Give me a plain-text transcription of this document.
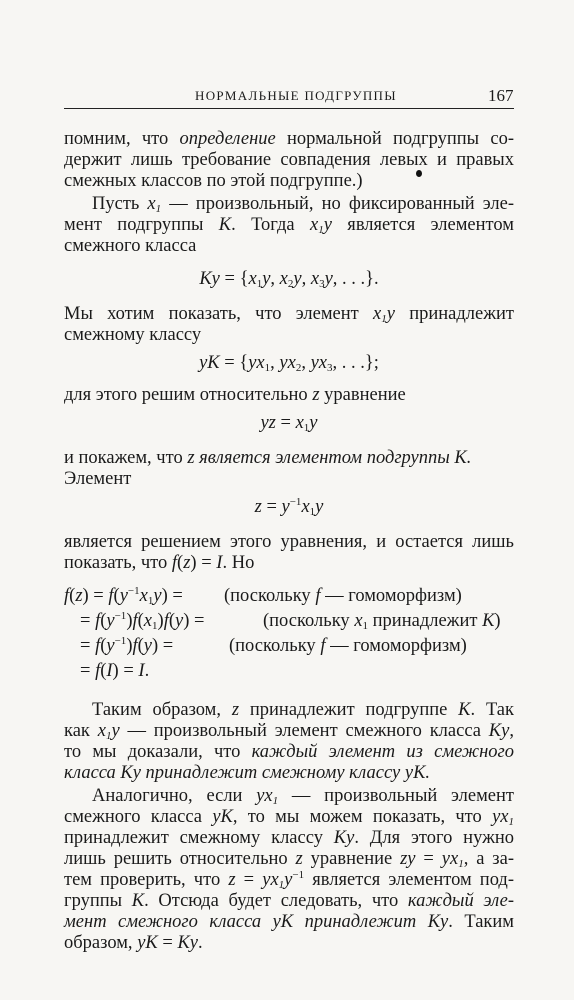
НОРМАЛЬНЫЕ ПОДГРУППЫ	167
помним, что определение нормальной подгруппы со-
держит лишь требование совпадения левых и правых
смежных классов по этой подгруппе.)
Пусть $x_1$ — произвольный, но фиксированный эле-
мент подгруппы K. Тогда $x_1y$ является элементом
смежного класса
$Ky = \{x_1y$, $x_2y$, $x_3y$, . . .}.
Мы хотим показать, что элемент $x_1y$ принадлежит
смежному классу
yK = {$yx_1$, $yx_2$, $yx_3$, . . .};
для этого решим относительно z уравнение
yz = $x_1y$
и покажем, что z является элементом подгруппы K.
Элемент
$z = y^{-1}x_1y$
является решением этого уравнения, и остается лишь
показать, что f(z) = I. Но
$f(z) = f(y^{-1}x_1y)$ = (поскольку f — гомоморфизм)
= $f(y^{-1})f(x_1)f(y)$ =	(поскольку $x_1$ принадлежит K)
= $f(y^{-1})f(y)$ =	(поскольку f — гомоморфизм)
= f(I) = I.
Таким образом, z принадлежит подгруппе K. Так
как $x_1y$ — произвольный элемент смежного класса Ky,
то мы доказали, что каждый элемент из смежного
класса Ky принадлежит смежному классу yK.
Аналогично, если $yx_1$ — произвольный элемент
смежного класса yK, то мы можем показать, что $yx_1$
принадлежит смежному классу Ky. Для этого нужно
лишь решить относительно z уравнение zy = $yx_1$, а за-
тем проверить, что $z = yx_1y^{-1}$ является элементом под-
группы K. Отсюда будет следовать, что каждый эле-
мент смежного класса yK принадлежит Ky. Таким
образом, yK = Ky.
